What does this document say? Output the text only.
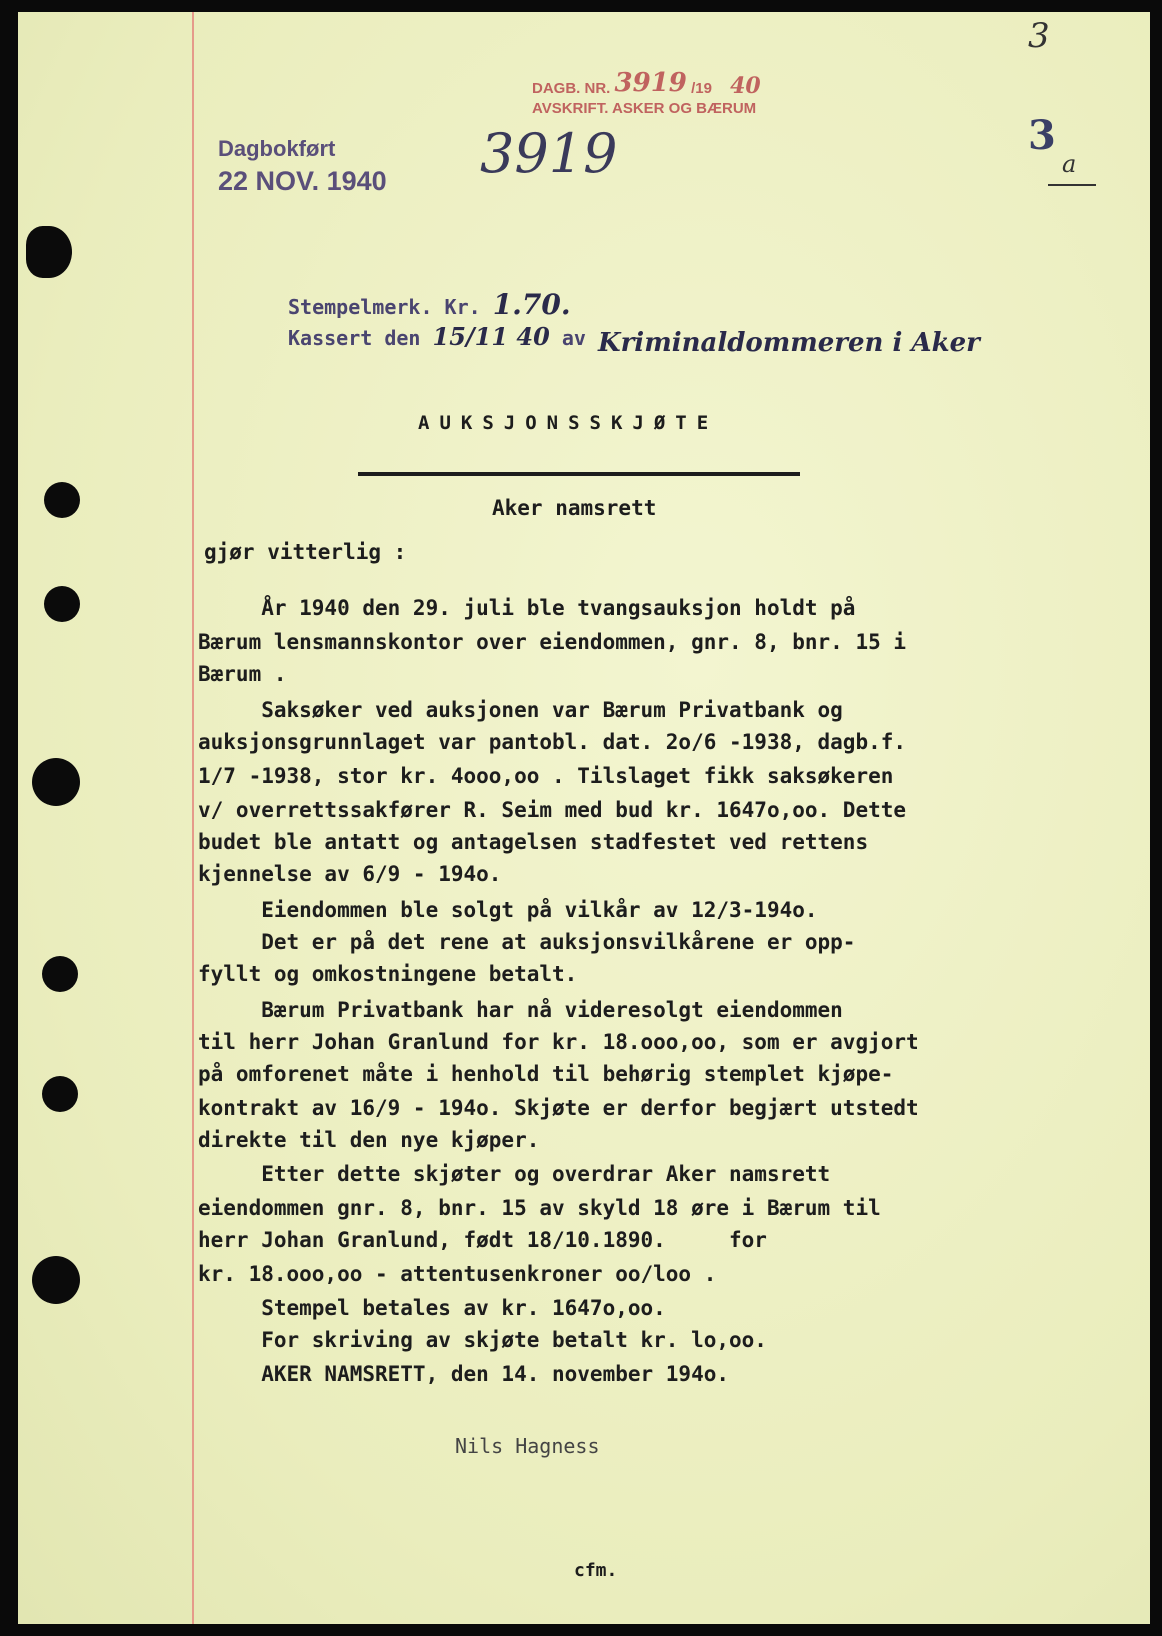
3
3
a
DAGB. NR. 3919 /19 40
AVSKRIFT. ASKER OG BÆRUM
Dagbokført
22 NOV. 1940 3919
Stempelmerk. Kr. 1.70.
Kassert den 15/11 40 av Kriminaldommeren i Aker
AUKSJONSSKJØTE
Aker namsrett
gjør vitterlig :
År 1940 den 29. juli ble tvangsauksjon holdt på
Bærum lensmannskontor over eiendommen, gnr. 8, bnr. 15 i
Bærum .
Saksøker ved auksjonen var Bærum Privatbank og
auksjonsgrunnlaget var pantobl. dat. 2o/6 -1938, dagb.f.
1/7 -1938, stor kr. 4ooo,oo . Tilslaget fikk saksøkeren
v/ overrettssakfører R. Seim med bud kr. 1647o,oo. Dette
budet ble antatt og antagelsen stadfestet ved rettens
kjennelse av 6/9 - 194o.
Eiendommen ble solgt på vilkår av 12/3-194o.
Det er på det rene at auksjonsvilkårene er opp-
fyllt og omkostningene betalt.
Bærum Privatbank har nå videresolgt eiendommen
til herr Johan Granlund for kr. 18.ooo,oo, som er avgjort
på omforenet måte i henhold til behørig stemplet kjøpe-
kontrakt av 16/9 - 194o. Skjøte er derfor begjært utstedt
direkte til den nye kjøper.
Etter dette skjøter og overdrar Aker namsrett
eiendommen gnr. 8, bnr. 15 av skyld 18 øre i Bærum til
herr Johan Granlund, født 18/10.1890.     for
kr. 18.ooo,oo - attentusenkroner oo/loo .
Stempel betales av kr. 1647o,oo.
For skriving av skjøte betalt kr. lo,oo.
AKER NAMSRETT, den 14. november 194o.
Nils Hagness
cfm.
